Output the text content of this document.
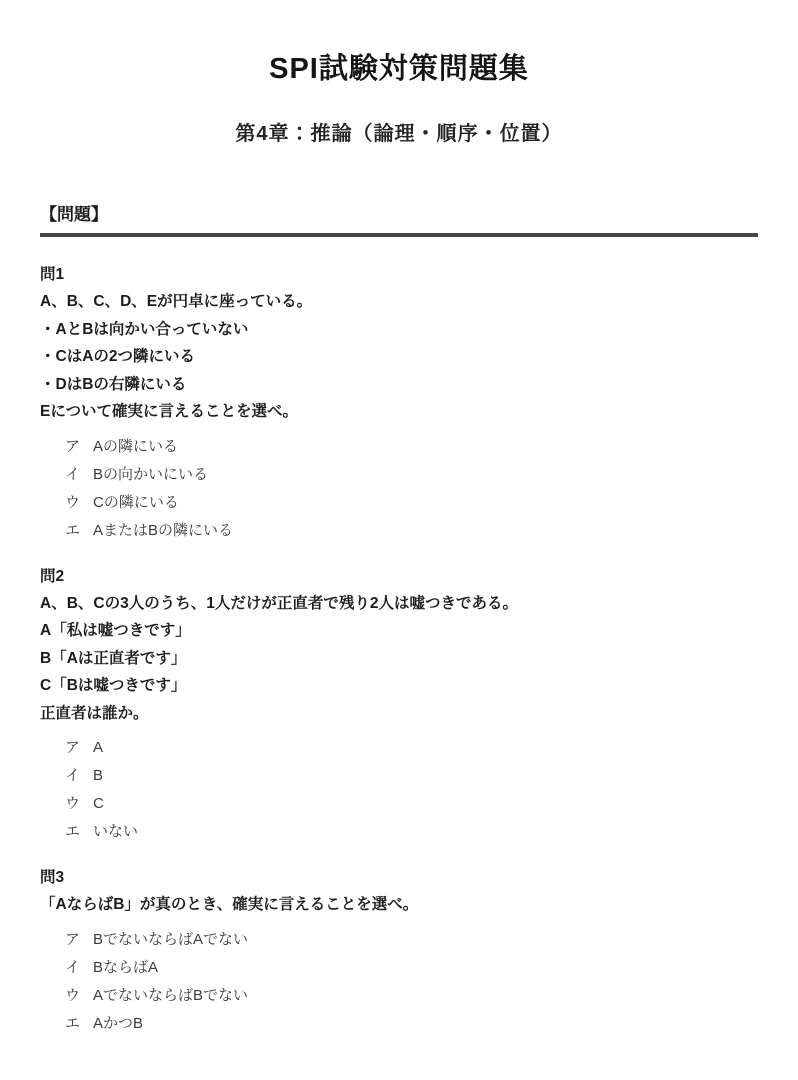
SPI試験対策問題集
第4章：推論（論理・順序・位置）
【問題】
問1
A、B、C、D、Eが円卓に座っている。
・AとBは向かい合っていない
・CはAの2つ隣にいる
・DはBの右隣にいる
Eについて確実に言えることを選べ。
ア Aの隣にいる
イ Bの向かいにいる
ウ Cの隣にいる
エ AまたはBの隣にいる
問2
A、B、Cの3人のうち、1人だけが正直者で残り2人は嘘つきである。
A「私は嘘つきです」
B「Aは正直者です」
C「Bは嘘つきです」
正直者は誰か。
ア A
イ B
ウ C
エ いない
問3
「AならばB」が真のとき、確実に言えることを選べ。
ア BでないならばAでない
イ BならばA
ウ AでないならばBでない
エ AかつB
